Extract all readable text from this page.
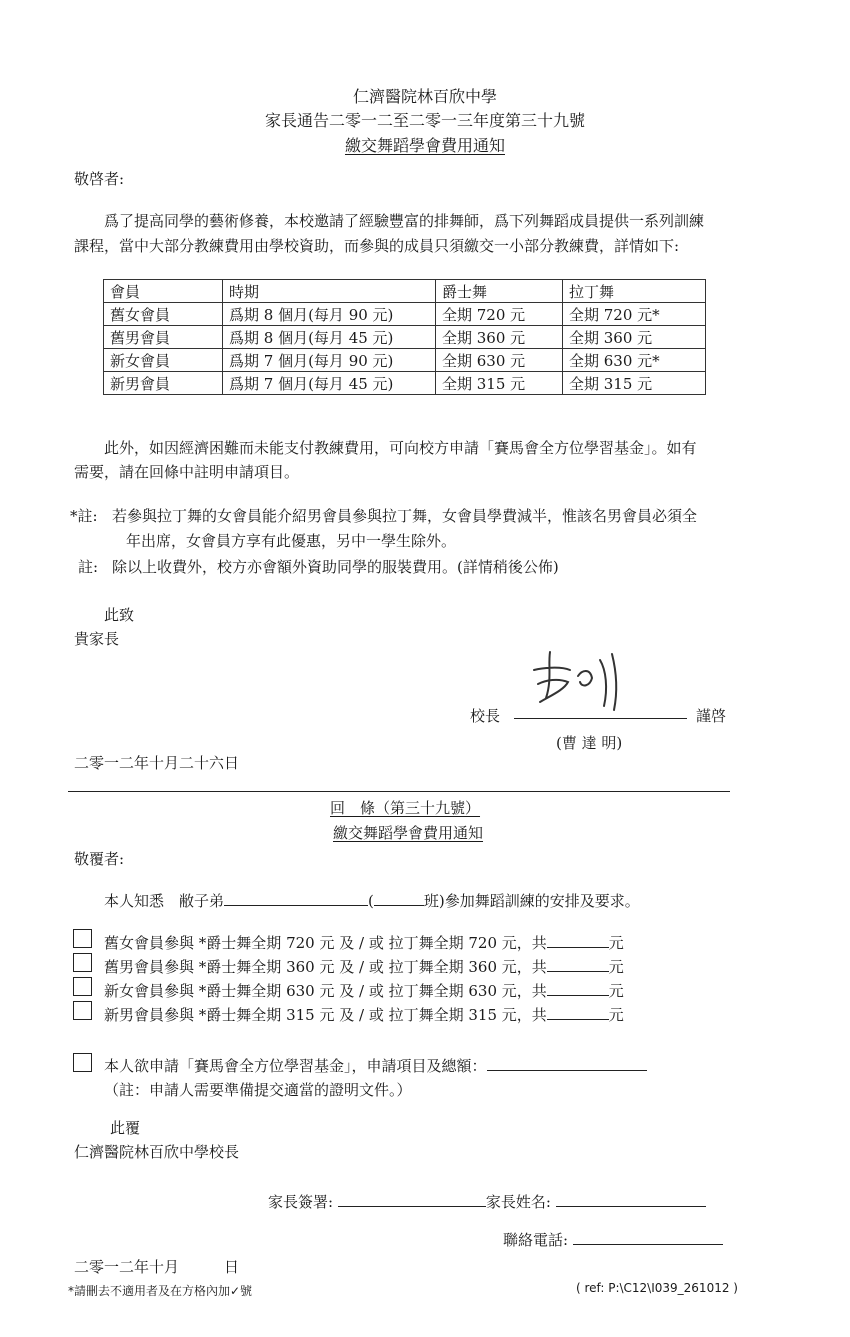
仁濟醫院林百欣中學
家長通告二零一二至二零一三年度第三十九號
繳交舞蹈學會費用通知
敬啓者:
爲了提高同學的藝術修養，本校邀請了經驗豐富的排舞師，爲下列舞蹈成員提供一系列訓練
課程，當中大部分教練費用由學校資助，而參與的成員只須繳交一小部分教練費，詳情如下:
會員	時期	爵士舞	拉丁舞
舊女會員	爲期 8 個月(每月 90 元)	全期 720 元	全期 720 元*
舊男會員	爲期 8 個月(每月 45 元)	全期 360 元	全期 360 元
新女會員	爲期 7 個月(每月 90 元)	全期 630 元	全期 630 元*
新男會員	爲期 7 個月(每月 45 元)	全期 315 元	全期 315 元
此外，如因經濟困難而未能支付教練費用，可向校方申請「賽馬會全方位學習基金」。如有
需要，請在回條中註明申請項目。
*註: 若參與拉丁舞的女會員能介紹男會員參與拉丁舞，女會員學費減半，惟該名男會員必須全
年出席，女會員方享有此優惠，另中一學生除外。
註: 除以上收費外，校方亦會額外資助同學的服裝費用。(詳情稍後公佈)
此致
貴家長
校長	謹啓
(曹 達 明)
二零一二年十月二十六日
回　條（第三十九號）
繳交舞蹈學會費用通知
敬覆者:
本人知悉　敝子弟	(	班)參加舞蹈訓練的安排及要求。
舊女會員參與 *爵士舞全期 720 元 及 / 或 拉丁舞全期 720 元，共	元
舊男會員參與 *爵士舞全期 360 元 及 / 或 拉丁舞全期 360 元，共	元
新女會員參與 *爵士舞全期 630 元 及 / 或 拉丁舞全期 630 元，共	元
新男會員參與 *爵士舞全期 315 元 及 / 或 拉丁舞全期 315 元，共	元
本人欲申請「賽馬會全方位學習基金」，申請項目及總額：
（註：申請人需要準備提交適當的證明文件。）
此覆
仁濟醫院林百欣中學校長
家長簽署:	家長姓名:
聯絡電話:
二零一二年十月　　　日
*請刪去不適用者及在方格內加✓號	( ref: P:\C12\I039_261012 )
